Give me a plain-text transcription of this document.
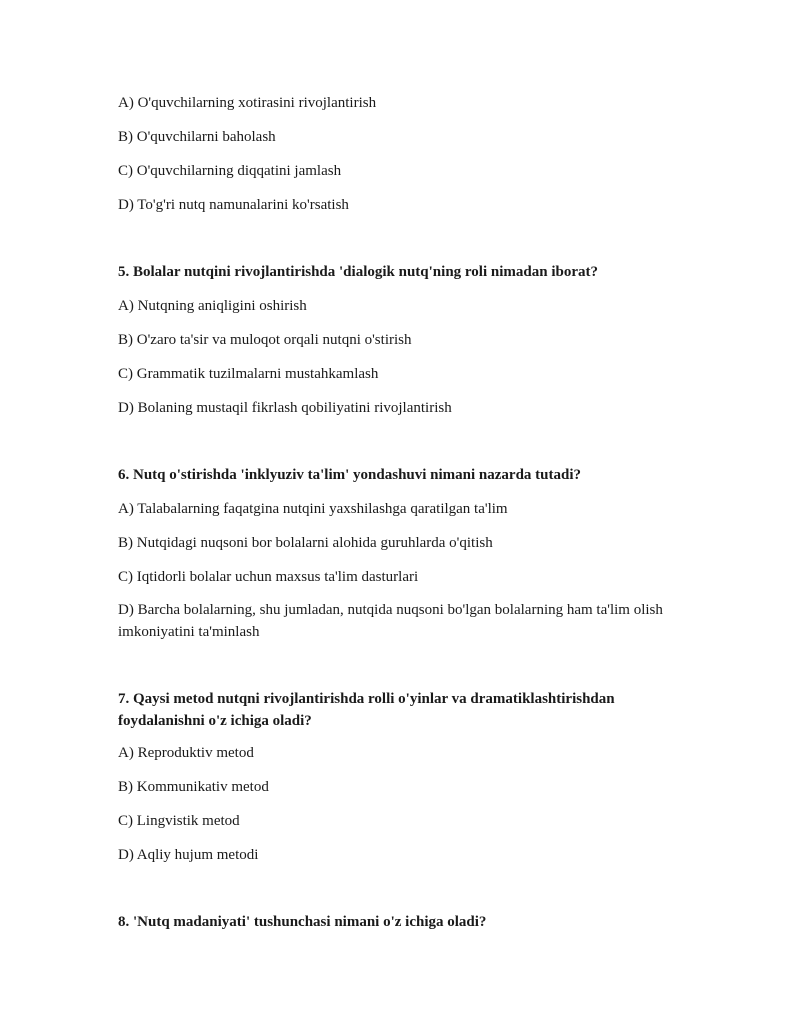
A) O'quvchilarning xotirasini rivojlantirish
B) O'quvchilarni baholash
C) O'quvchilarning diqqatini jamlash
D) To'g'ri nutq namunalarini ko'rsatish
5. Bolalar nutqini rivojlantirishda 'dialogik nutq'ning roli nimadan iborat?
A) Nutqning aniqligini oshirish
B) O'zaro ta'sir va muloqot orqali nutqni o'stirish
C) Grammatik tuzilmalarni mustahkamlash
D) Bolaning mustaqil fikrlash qobiliyatini rivojlantirish
6. Nutq o'stirishda 'inklyuziv ta'lim' yondashuvi nimani nazarda tutadi?
A) Talabalarning faqatgina nutqini yaxshilashga qaratilgan ta'lim
B) Nutqidagi nuqsoni bor bolalarni alohida guruhlarda o'qitish
C) Iqtidorli bolalar uchun maxsus ta'lim dasturlari
D) Barcha bolalarning, shu jumladan, nutqida nuqsoni bo'lgan bolalarning ham ta'lim olish imkoniyatini ta'minlash
7. Qaysi metod nutqni rivojlantirishda rolli o'yinlar va dramatiklashtirishdan foydalanishni o'z ichiga oladi?
A) Reproduktiv metod
B) Kommunikativ metod
C) Lingvistik metod
D) Aqliy hujum metodi
8. 'Nutq madaniyati' tushunchasi nimani o'z ichiga oladi?
